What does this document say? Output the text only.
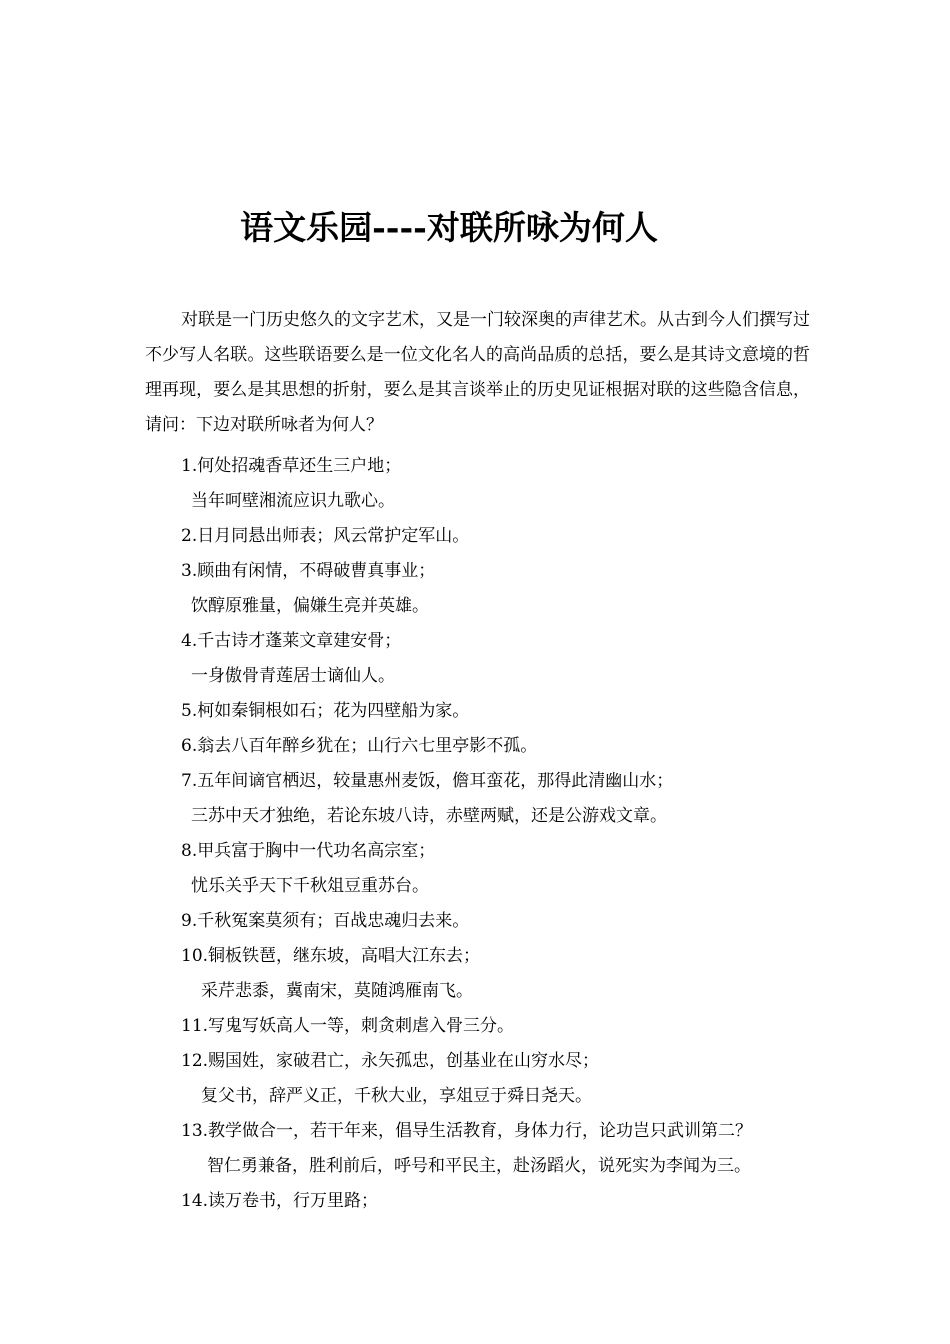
语文乐园----对联所咏为何人
对联是一门历史悠久的文字艺术，又是一门较深奥的声律艺术。从古到今人们撰写过不少写人名联。这些联语要么是一位文化名人的高尚品质的总括，要么是其诗文意境的哲理再现，要么是其思想的折射，要么是其言谈举止的历史见证根据对联的这些隐含信息，请问：下边对联所咏者为何人？
1.何处招魂香草还生三户地；
当年呵壁湘流应识九歌心。
2.日月同悬出师表；风云常护定军山。
3.顾曲有闲情，不碍破曹真事业；
饮醇原雅量，偏嫌生亮并英雄。
4.千古诗才蓬莱文章建安骨；
一身傲骨青莲居士谪仙人。
5.柯如秦铜根如石；花为四壁船为家。
6.翁去八百年醉乡犹在；山行六七里亭影不孤。
7.五年间谪官栖迟，较量惠州麦饭，儋耳蛮花，那得此清幽山水；
三苏中天才独绝，若论东坡八诗，赤壁两赋，还是公游戏文章。
8.甲兵富于胸中一代功名高宗室；
忧乐关乎天下千秋俎豆重苏台。
9.千秋冤案莫须有；百战忠魂归去来。
10.铜板铁琶，继东坡，高唱大江东去；
采芹悲黍，冀南宋，莫随鸿雁南飞。
11.写鬼写妖高人一等，刺贪刺虐入骨三分。
12.赐国姓，家破君亡，永矢孤忠，创基业在山穷水尽；
复父书，辞严义正，千秋大业，享俎豆于舜日尧天。
13.教学做合一，若干年来，倡导生活教育，身体力行，论功岂只武训第二？
智仁勇兼备，胜利前后，呼号和平民主，赴汤蹈火，说死实为李闻为三。
14.读万卷书，行万里路；
